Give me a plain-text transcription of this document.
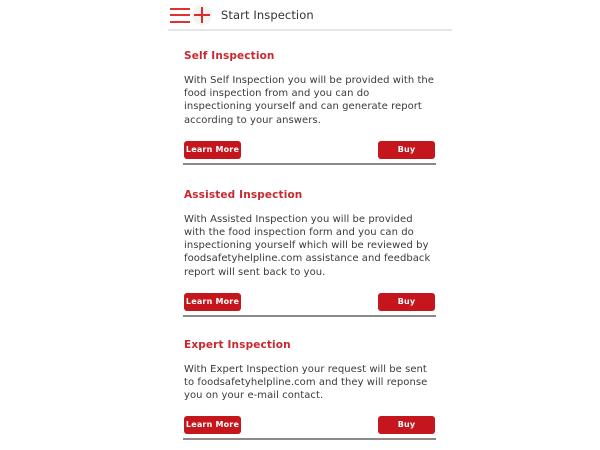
Start Inspection
Self Inspection

With Self Inspection you will be provided with the food inspection from and you can do inspectioning yourself and can generate report according to your answers.

Learn More	Buy
Assisted Inspection

With Assisted Inspection you will be provided with the food inspection form and you can do inspectioning yourself which will be reviewed by foodsafetyhelpline.com assistance and feedback report will sent back to you.

Learn More	Buy
Expert Inspection

With Expert Inspection your request will be sent to foodsafetyhelpline.com and they will reponse you on your e-mail contact.

Learn More	Buy
